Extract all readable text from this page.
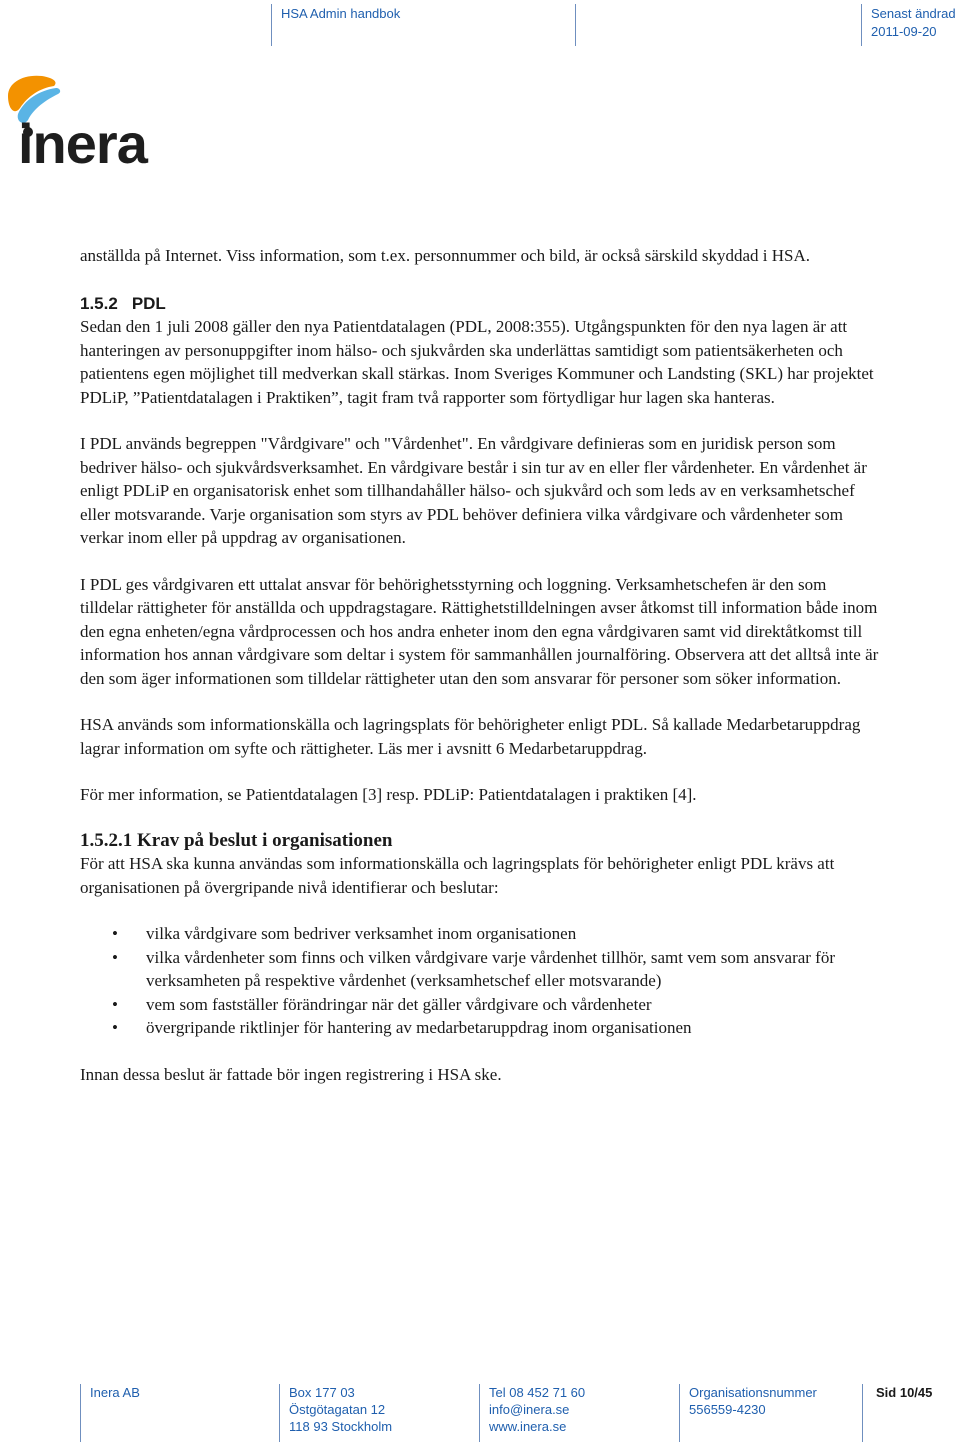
HSA Admin handbok	Senast ändrad
2011-09-20
inera

anställda på Internet. Viss information, som t.ex. personnummer och bild, är också särskild skyddad i HSA.

1.5.2 PDL

Sedan den 1 juli 2008 gäller den nya Patientdatalagen (PDL, 2008:355). Utgångspunkten för den nya lagen är att hanteringen av personuppgifter inom hälso- och sjukvården ska underlättas samtidigt som patientsäkerheten och patientens egen möjlighet till medverkan skall stärkas. Inom Sveriges Kommuner och Landsting (SKL) har projektet PDLiP, ”Patientdatalagen i Praktiken”, tagit fram två rapporter som förtydligar hur lagen ska hanteras.

I PDL används begreppen "Vårdgivare" och "Vårdenhet". En vårdgivare definieras som en juridisk person som bedriver hälso- och sjukvårdsverksamhet. En vårdgivare består i sin tur av en eller fler vårdenheter. En vårdenhet är enligt PDLiP en organisatorisk enhet som tillhandahåller hälso- och sjukvård och som leds av en verksamhetschef eller motsvarande. Varje organisation som styrs av PDL behöver definiera vilka vårdgivare och vårdenheter som verkar inom eller på uppdrag av organisationen.

I PDL ges vårdgivaren ett uttalat ansvar för behörighetsstyrning och loggning. Verksamhetschefen är den som tilldelar rättigheter för anställda och uppdragstagare. Rättighetstilldelningen avser åtkomst till information både inom den egna enheten/egna vårdprocessen och hos andra enheter inom den egna vårdgivaren samt vid direktåtkomst till information hos annan vårdgivare som deltar i system för sammanhållen journalföring. Observera att det alltså inte är den som äger informationen som tilldelar rättigheter utan den som ansvarar för personer som söker information.

HSA används som informationskälla och lagringsplats för behörigheter enligt PDL. Så kallade Medarbetaruppdrag lagrar information om syfte och rättigheter. Läs mer i avsnitt 6 Medarbetaruppdrag.

För mer information, se Patientdatalagen [3] resp. PDLiP: Patientdatalagen i praktiken [4].

1.5.2.1 Krav på beslut i organisationen

För att HSA ska kunna användas som informationskälla och lagringsplats för behörigheter enligt PDL krävs att organisationen på övergripande nivå identifierar och beslutar:

• vilka vårdgivare som bedriver verksamhet inom organisationen
• vilka vårdenheter som finns och vilken vårdgivare varje vårdenhet tillhör, samt vem som ansvarar för verksamheten på respektive vårdenhet (verksamhetschef eller motsvarande)
• vem som fastställer förändringar när det gäller vårdgivare och vårdenheter
• övergripande riktlinjer för hantering av medarbetaruppdrag inom organisationen

Innan dessa beslut är fattade bör ingen registrering i HSA ske.

Inera AB	Box 177 03
Östgötagatan 12
118 93 Stockholm
Tel 08 452 71 60
info@inera.se
www.inera.se
Organisationsnummer
556559-4230
Sid 10/45
